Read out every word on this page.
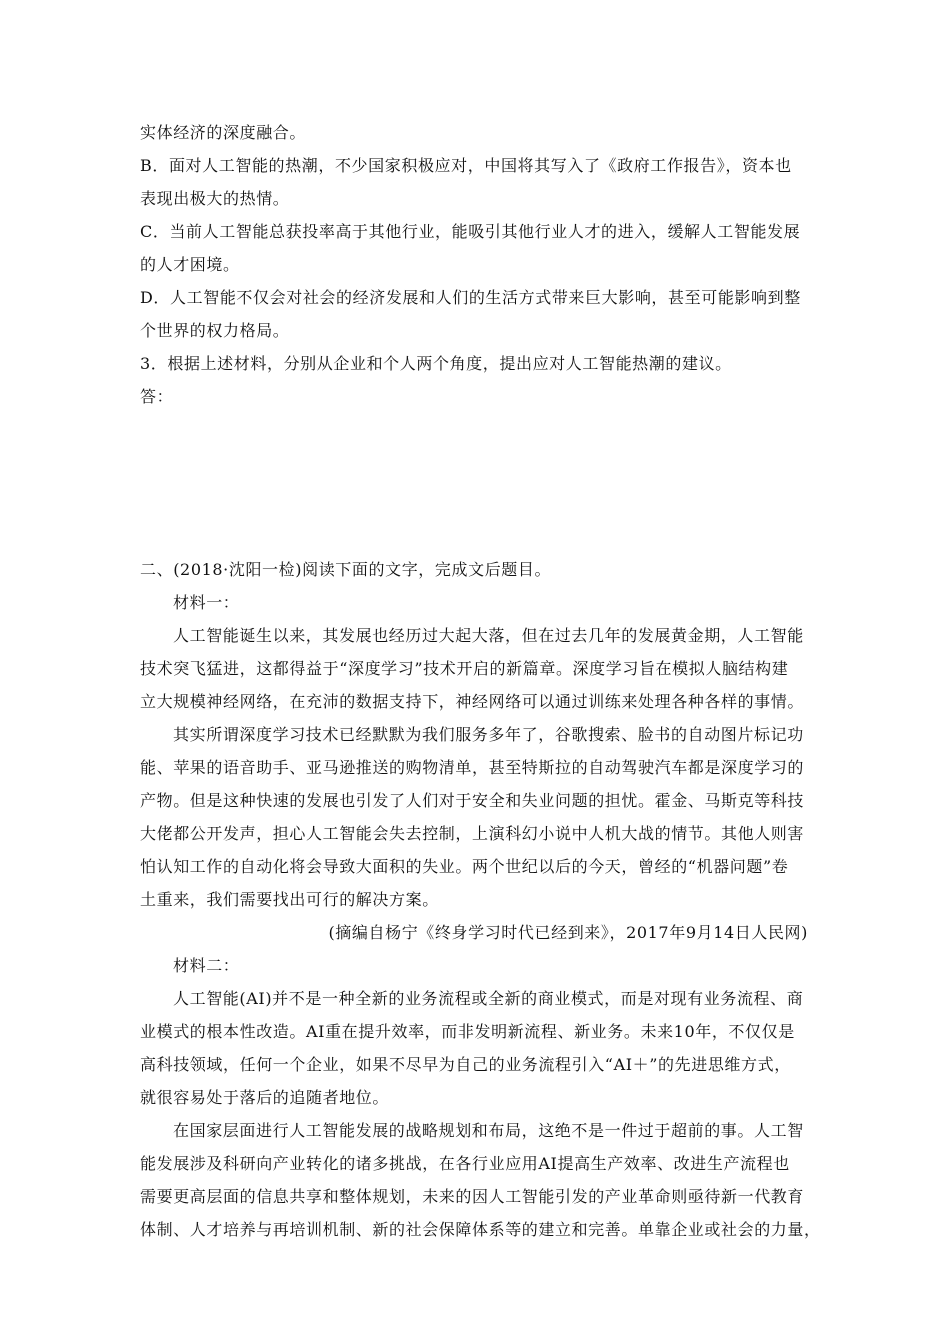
实体经济的深度融合。
B．面对人工智能的热潮，不少国家积极应对，中国将其写入了《政府工作报告》，资本也
表现出极大的热情。
C．当前人工智能总获投率高于其他行业，能吸引其他行业人才的进入，缓解人工智能发展
的人才困境。
D．人工智能不仅会对社会的经济发展和人们的生活方式带来巨大影响，甚至可能影响到整
个世界的权力格局。
3．根据上述材料，分别从企业和个人两个角度，提出应对人工智能热潮的建议。
答：
二、(2018·沈阳一检)阅读下面的文字，完成文后题目。
材料一：
人工智能诞生以来，其发展也经历过大起大落，但在过去几年的发展黄金期，人工智能
技术突飞猛进，这都得益于“深度学习”技术开启的新篇章。深度学习旨在模拟人脑结构建
立大规模神经网络，在充沛的数据支持下，神经网络可以通过训练来处理各种各样的事情。
其实所谓深度学习技术已经默默为我们服务多年了，谷歌搜索、脸书的自动图片标记功
能、苹果的语音助手、亚马逊推送的购物清单，甚至特斯拉的自动驾驶汽车都是深度学习的
产物。但是这种快速的发展也引发了人们对于安全和失业问题的担忧。霍金、马斯克等科技
大佬都公开发声，担心人工智能会失去控制，上演科幻小说中人机大战的情节。其他人则害
怕认知工作的自动化将会导致大面积的失业。两个世纪以后的今天，曾经的“机器问题”卷
土重来，我们需要找出可行的解决方案。
(摘编自杨宁《终身学习时代已经到来》，2017年9月14日人民网)
材料二：
人工智能(AI)并不是一种全新的业务流程或全新的商业模式，而是对现有业务流程、商
业模式的根本性改造。AI重在提升效率，而非发明新流程、新业务。未来10年，不仅仅是
高科技领域，任何一个企业，如果不尽早为自己的业务流程引入“AI＋”的先进思维方式，
就很容易处于落后的追随者地位。
在国家层面进行人工智能发展的战略规划和布局，这绝不是一件过于超前的事。人工智
能发展涉及科研向产业转化的诸多挑战，在各行业应用AI提高生产效率、改进生产流程也
需要更高层面的信息共享和整体规划，未来的因人工智能引发的产业革命则亟待新一代教育
体制、人才培养与再培训机制、新的社会保障体系等的建立和完善。单靠企业或社会的力量，
